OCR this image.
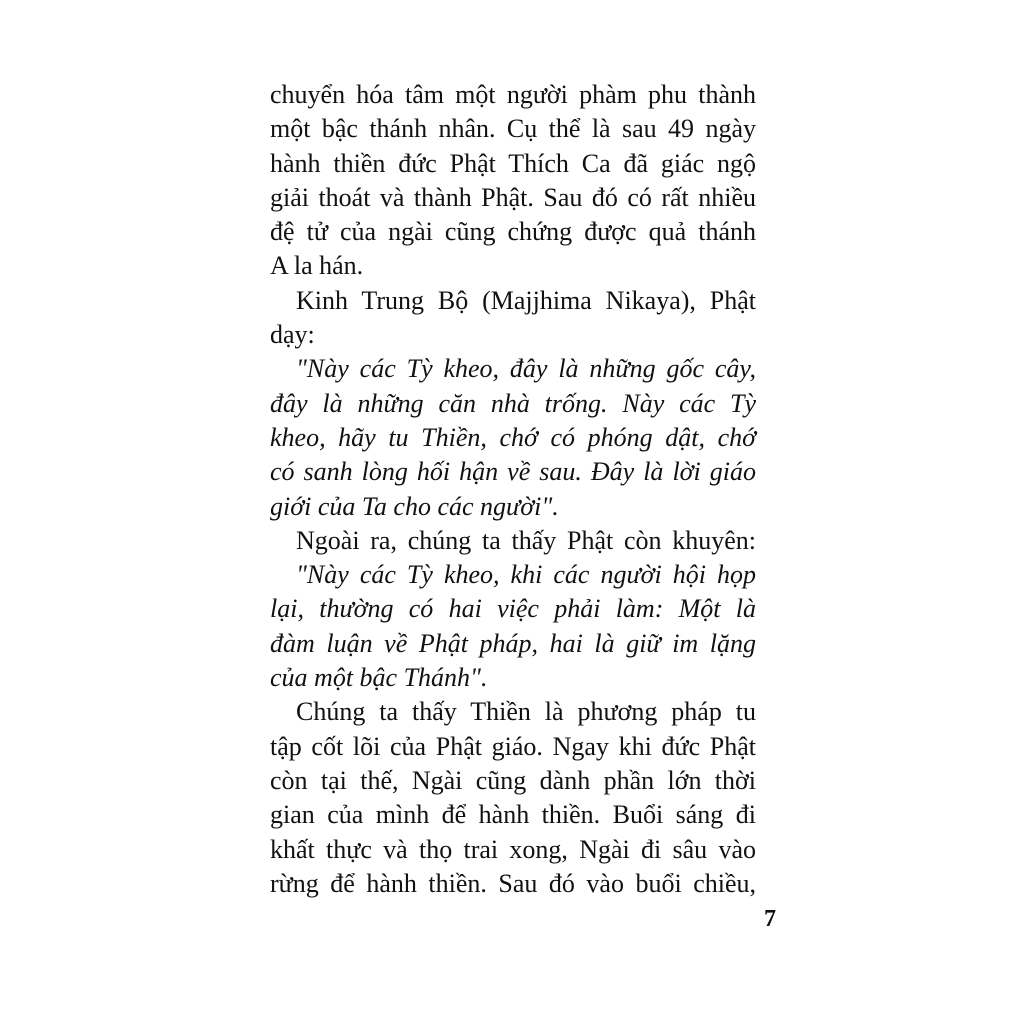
chuyển hóa tâm một người phàm phu thành
một bậc thánh nhân. Cụ thể là sau 49 ngày
hành thiền đức Phật Thích Ca đã giác ngộ
giải thoát và thành Phật. Sau đó có rất nhiều
đệ tử của ngài cũng chứng được quả thánh
A la hán.
Kinh Trung Bộ (Majjhima Nikaya), Phật
dạy:
"Này các Tỳ kheo, đây là những gốc cây,
đây là những căn nhà trống. Này các Tỳ
kheo, hãy tu Thiền, chớ có phóng dật, chớ
có sanh lòng hối hận về sau. Đây là lời giáo
giới của Ta cho các người".
Ngoài ra, chúng ta thấy Phật còn khuyên:
"Này các Tỳ kheo, khi các người hội họp
lại, thường có hai việc phải làm: Một là
đàm luận về Phật pháp, hai là giữ im lặng
của một bậc Thánh".
Chúng ta thấy Thiền là phương pháp tu
tập cốt lõi của Phật giáo. Ngay khi đức Phật
còn tại thế, Ngài cũng dành phần lớn thời
gian của mình để hành thiền. Buổi sáng đi
khất thực và thọ trai xong, Ngài đi sâu vào
rừng để hành thiền. Sau đó vào buổi chiều,
7
